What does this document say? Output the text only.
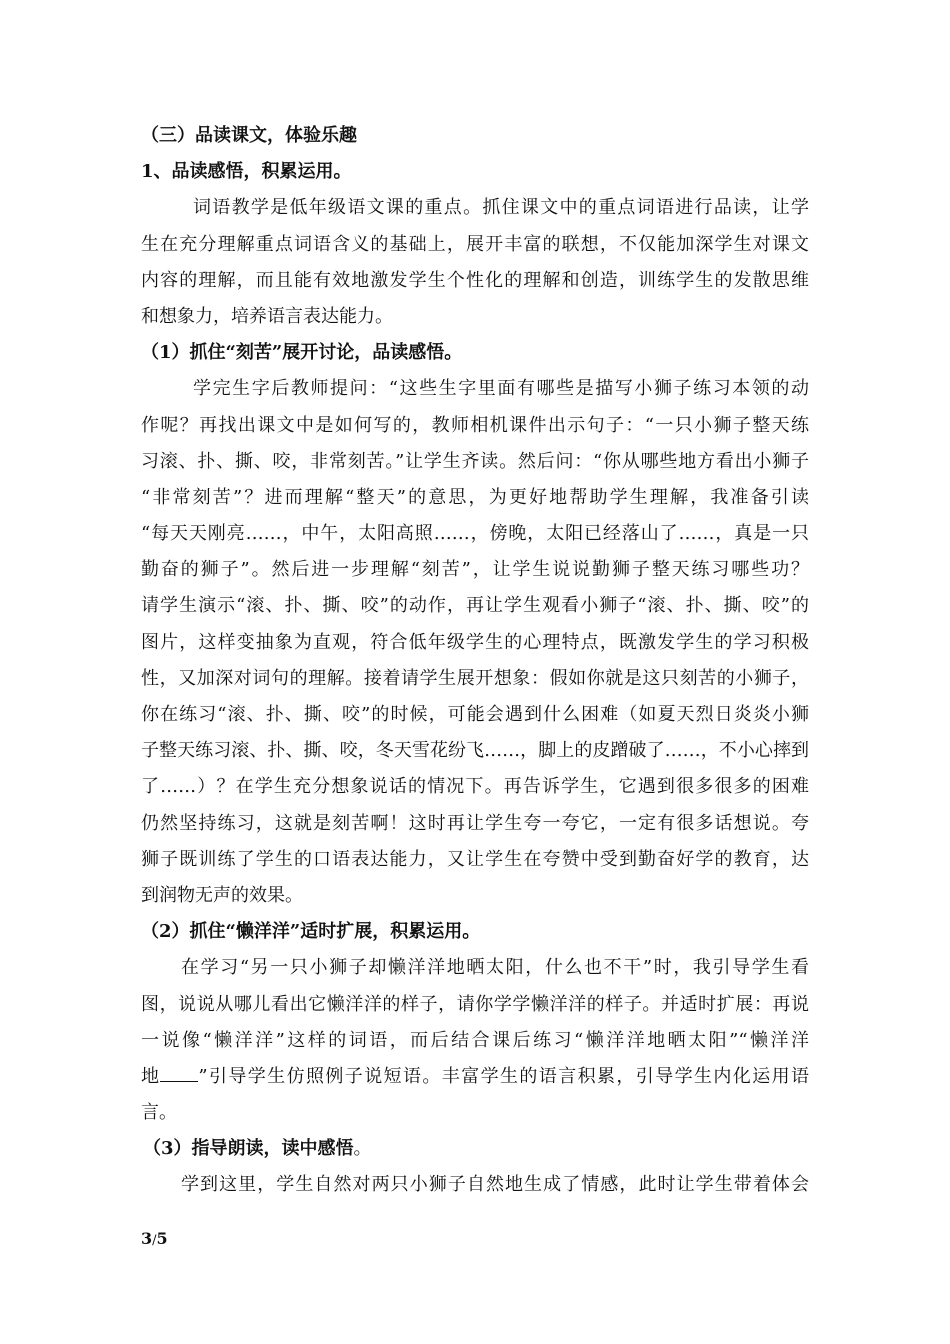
（三）品读课文，体验乐趣
1、品读感悟，积累运用。
词语教学是低年级语文课的重点。抓住课文中的重点词语进行品读，让学
生在充分理解重点词语含义的基础上，展开丰富的联想，不仅能加深学生对课文
内容的理解，而且能有效地激发学生个性化的理解和创造，训练学生的发散思维
和想象力，培养语言表达能力。
（1）抓住“刻苦”展开讨论，品读感悟。
学完生字后教师提问：“这些生字里面有哪些是描写小狮子练习本领的动
作呢？再找出课文中是如何写的，教师相机课件出示句子：“一只小狮子整天练
习滚、扑、撕、咬，非常刻苦。”让学生齐读。然后问：“你从哪些地方看出小狮子
“非常刻苦”？进而理解“整天”的意思，为更好地帮助学生理解，我准备引读
“每天天刚亮……，中午，太阳高照……，傍晚，太阳已经落山了……，真是一只
勤奋的狮子”。然后进一步理解“刻苦”，让学生说说勤狮子整天练习哪些功？
请学生演示“滚、扑、撕、咬”的动作，再让学生观看小狮子“滚、扑、撕、咬”的
图片，这样变抽象为直观，符合低年级学生的心理特点，既激发学生的学习积极
性，又加深对词句的理解。接着请学生展开想象：假如你就是这只刻苦的小狮子，
你在练习“滚、扑、撕、咬”的时候，可能会遇到什么困难（如夏天烈日炎炎小狮
子整天练习滚、扑、撕、咬，冬天雪花纷飞……，脚上的皮蹭破了……，不小心摔到
了……）？在学生充分想象说话的情况下。再告诉学生，它遇到很多很多的困难
仍然坚持练习，这就是刻苦啊！这时再让学生夸一夸它，一定有很多话想说。夸
狮子既训练了学生的口语表达能力，又让学生在夸赞中受到勤奋好学的教育，达
到润物无声的效果。
（2）抓住“懒洋洋”适时扩展，积累运用。
在学习“另一只小狮子却懒洋洋地晒太阳，什么也不干”时，我引导学生看
图，说说从哪儿看出它懒洋洋的样子，请你学学懒洋洋的样子。并适时扩展：再说
一说像“懒洋洋”这样的词语，而后结合课后练习“懒洋洋地晒太阳”“懒洋洋
地 ”引导学生仿照例子说短语。丰富学生的语言积累，引导学生内化运用语
言。
（3）指导朗读，读中感悟。
学到这里，学生自然对两只小狮子自然地生成了情感，此时让学生带着体会
3/5
